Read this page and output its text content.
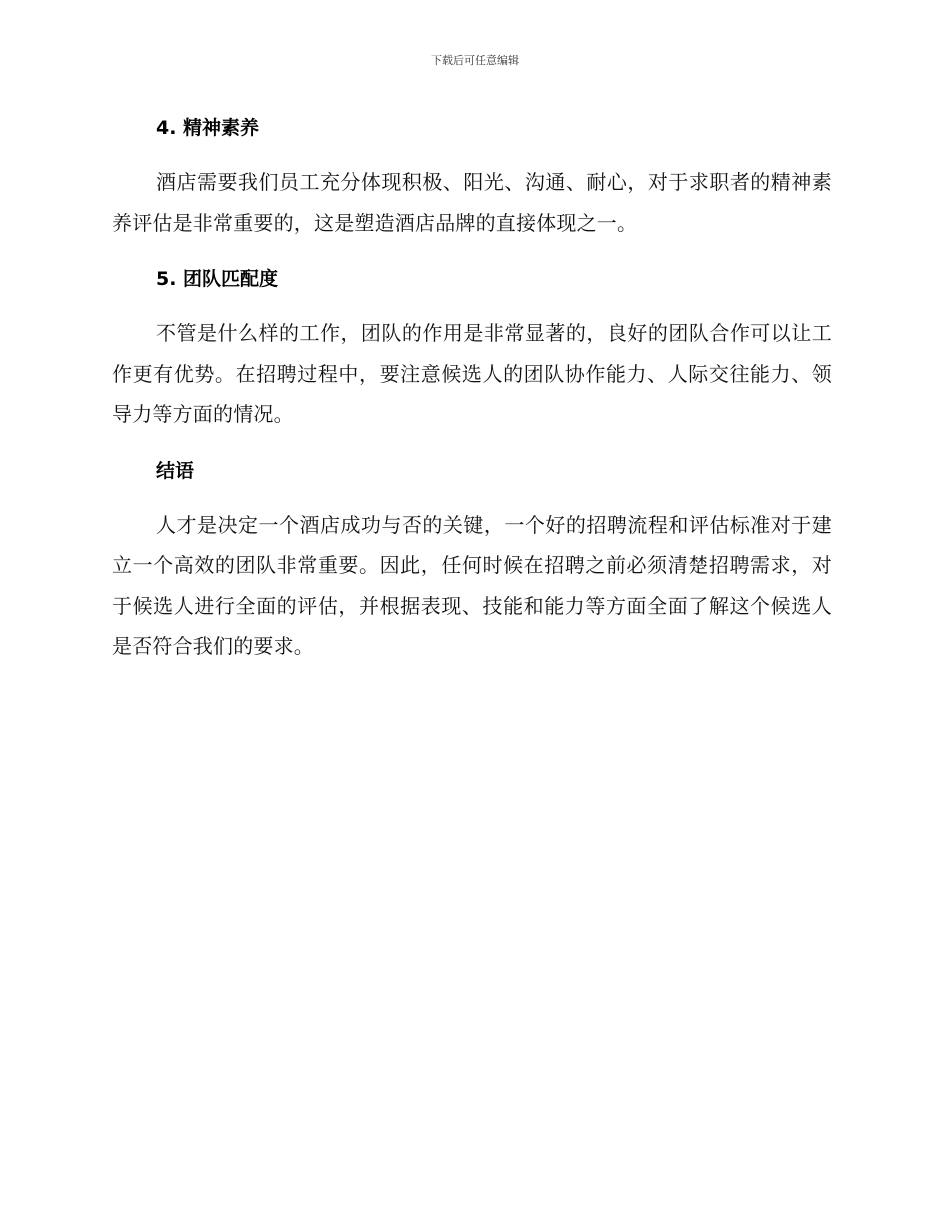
下载后可任意编辑
4. 精神素养

酒店需要我们员工充分体现积极、阳光、沟通、耐心，对于求职者的精神素养评估是非常重要的，这是塑造酒店品牌的直接体现之一。

5. 团队匹配度

不管是什么样的工作，团队的作用是非常显著的，良好的团队合作可以让工作更有优势。在招聘过程中，要注意候选人的团队协作能力、人际交往能力、领导力等方面的情况。

结语

人才是决定一个酒店成功与否的关键，一个好的招聘流程和评估标准对于建立一个高效的团队非常重要。因此，任何时候在招聘之前必须清楚招聘需求，对于候选人进行全面的评估，并根据表现、技能和能力等方面全面了解这个候选人是否符合我们的要求。
